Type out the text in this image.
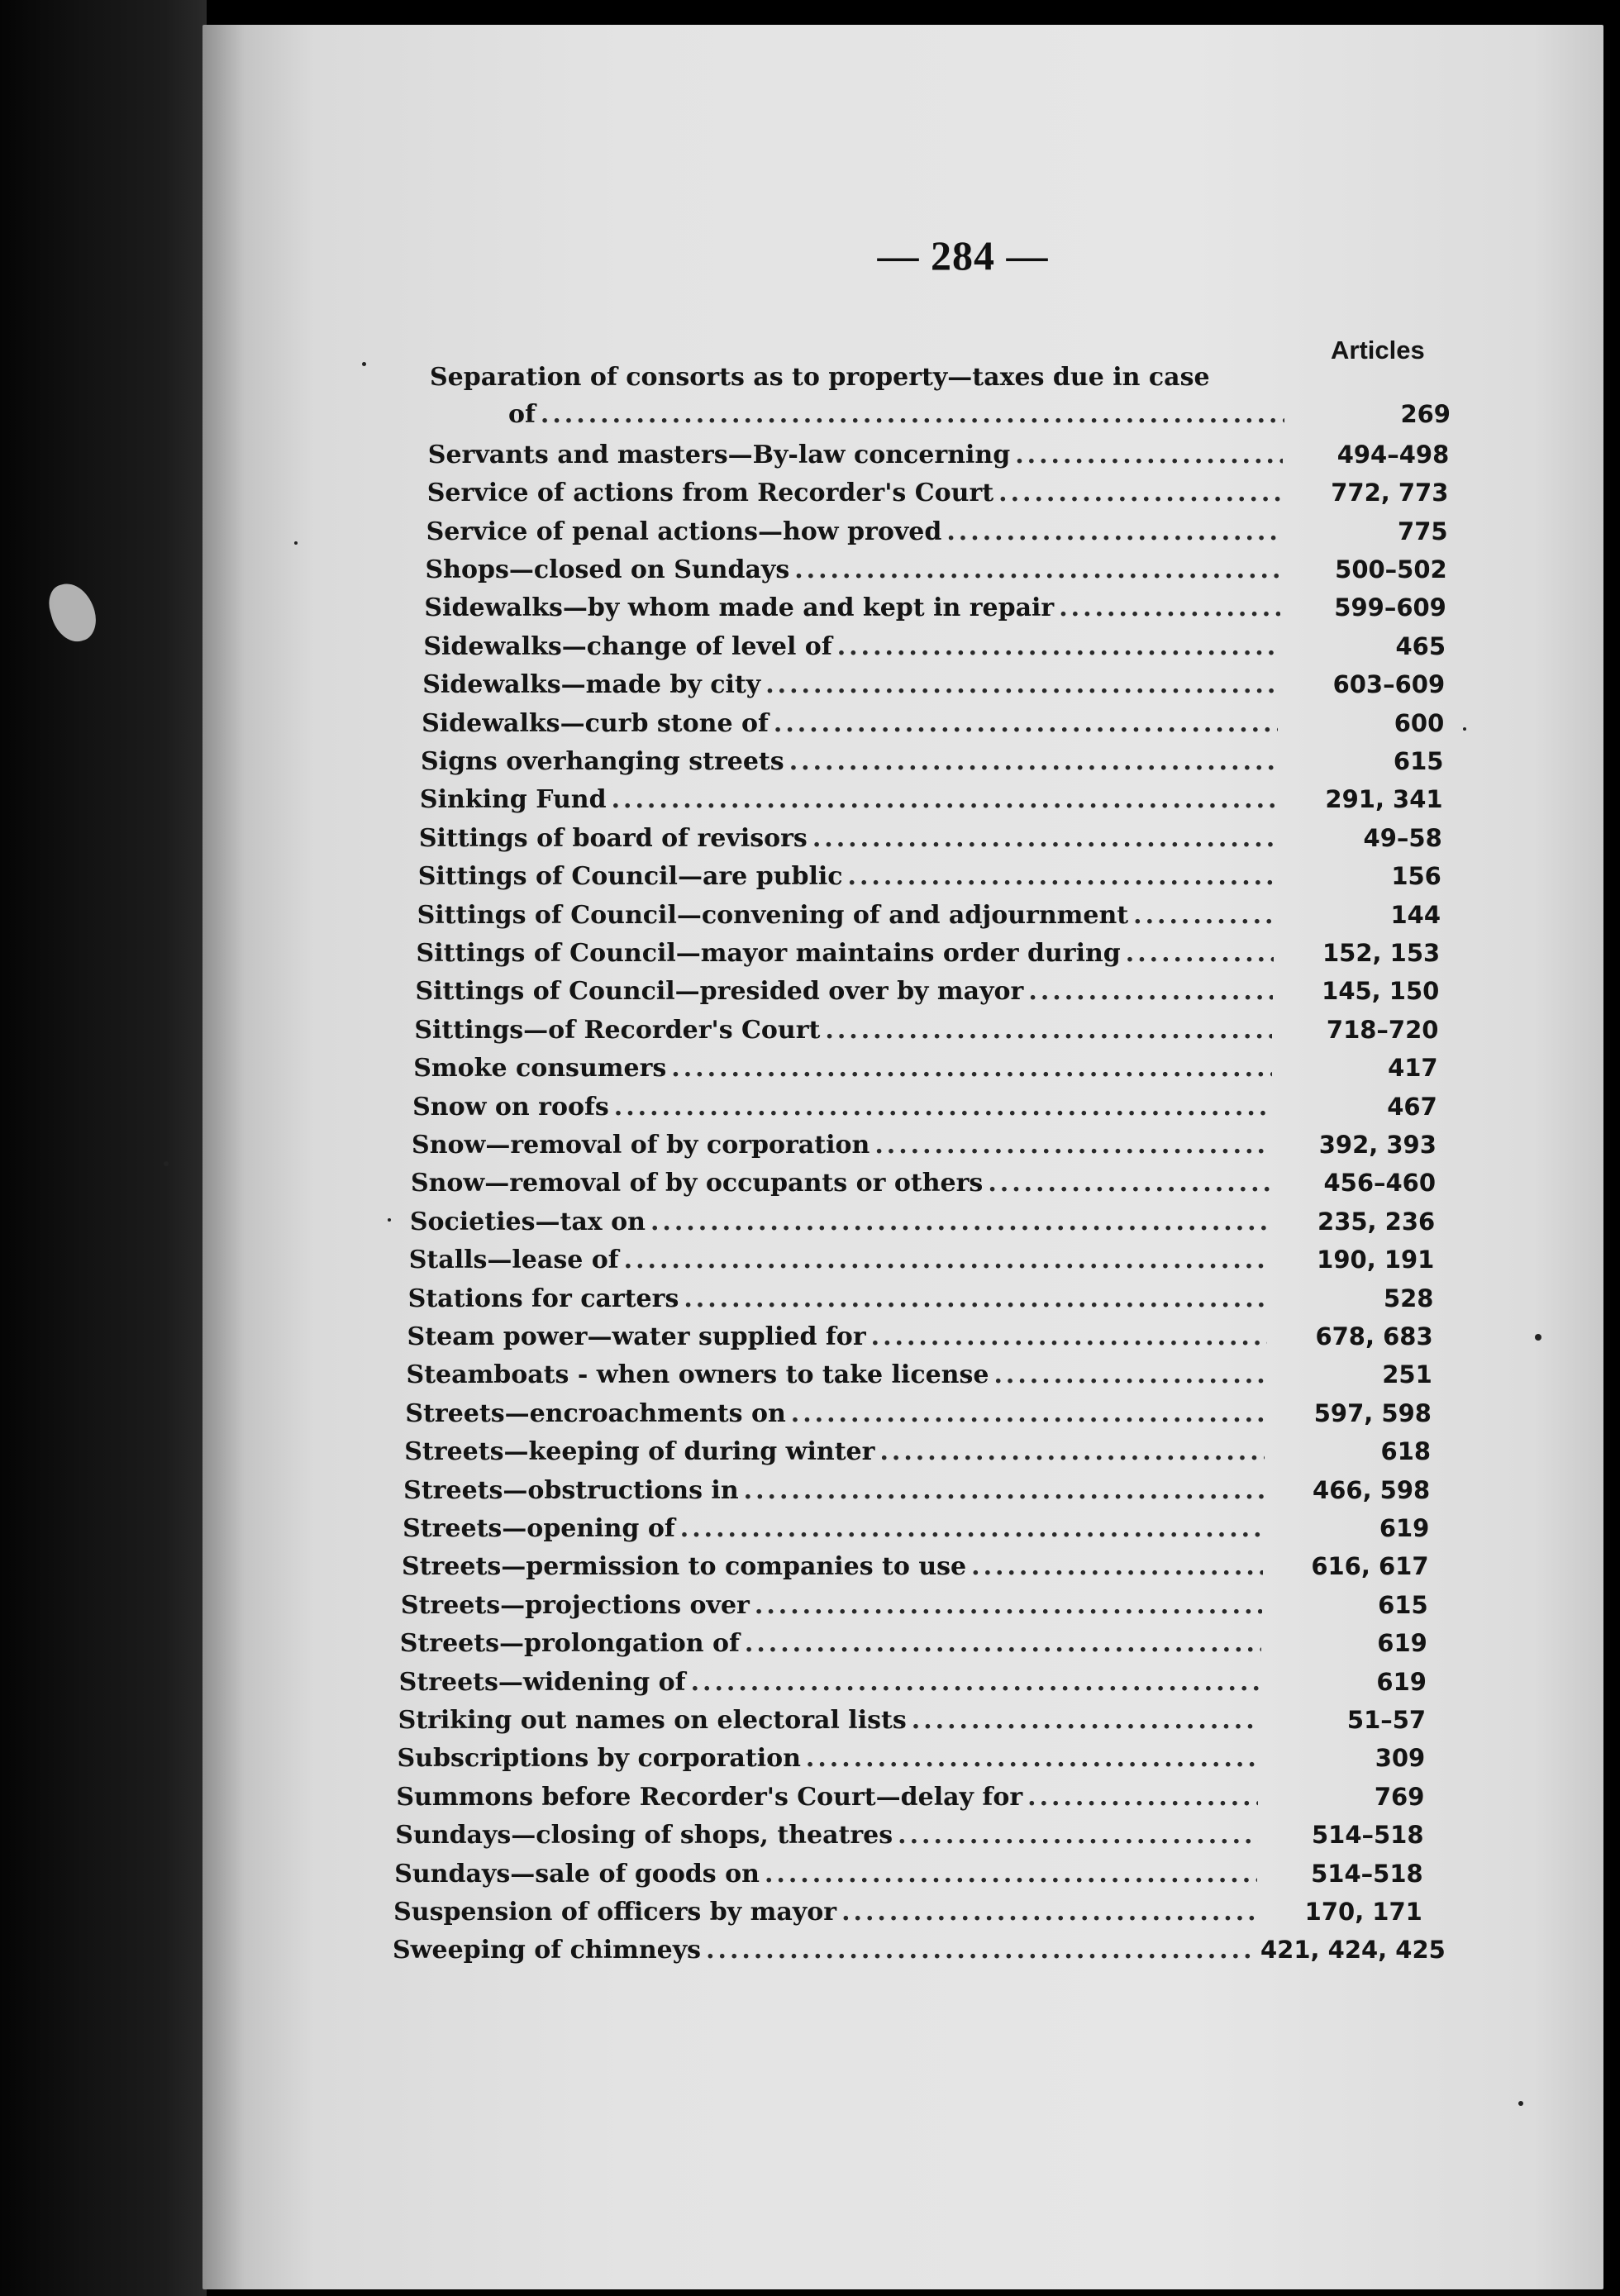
— 284 —
Articles
Separation of consorts as to property—taxes due in case
of .....	269
Servants and masters—By-law concerning .....	494–498
Service of actions from Recorder's Court .....	772, 773
Service of penal actions—how proved .....	775
Shops—closed on Sundays .....	500–502
Sidewalks—by whom made and kept in repair .....	599–609
Sidewalks—change of level of .....	465
Sidewalks—made by city .....	603–609
Sidewalks—curb stone of .....	600
Signs overhanging streets .....	615
Sinking Fund .....	291, 341
Sittings of board of revisors .....	49–58
Sittings of Council—are public .....	156
Sittings of Council—convening of and adjournment .....	144
Sittings of Council—mayor maintains order during .....	152, 153
Sittings of Council—presided over by mayor .....	145, 150
Sittings—of Recorder's Court .....	718–720
Smoke consumers .....	417
Snow on roofs .....	467
Snow—removal of by corporation .....	392, 393
Snow—removal of by occupants or others .....	456–460
Societies—tax on .....	235, 236
Stalls—lease of .....	190, 191
Stations for carters .....	528
Steam power—water supplied for .....	678, 683
Steamboats - when owners to take license .....	251
Streets—encroachments on .....	597, 598
Streets—keeping of during winter .....	618
Streets—obstructions in .....	466, 598
Streets—opening of .....	619
Streets—permission to companies to use .....	616, 617
Streets—projections over .....	615
Streets—prolongation of .....	619
Streets—widening of .....	619
Striking out names on electoral lists .....	51–57
Subscriptions by corporation .....	309
Summons before Recorder's Court—delay for .....	769
Sundays—closing of shops, theatres .....	514–518
Sundays—sale of goods on .....	514–518
Suspension of officers by mayor .....	170, 171
Sweeping of chimneys .....	421, 424, 425
